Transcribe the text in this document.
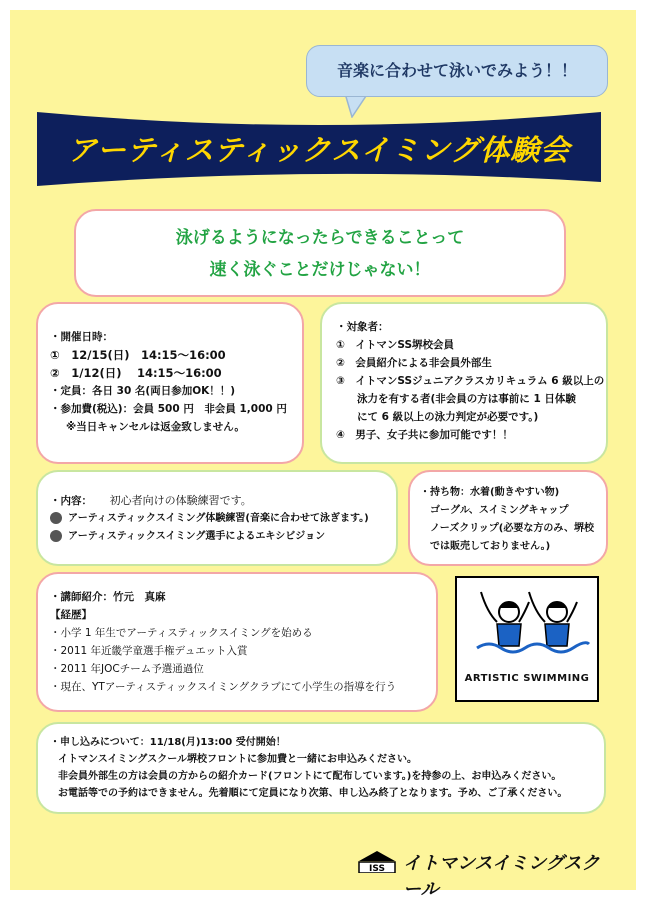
音楽に合わせて泳いでみよう！！
アーティスティックスイミング体験会
泳げるようになったらできることって
速く泳ぐことだけじゃない！
・開催日時：
①　12/15(日)　14:15～16:00
②　1/12(日)　 14:15～16:00
・定員：各日 30 名(両日参加OK！！)
・参加費(税込)：会員 500 円　非会員 1,000 円
※当日キャンセルは返金致しません。
・対象者：
①　イトマンSS堺校会員
②　会員紹介による非会員外部生
③　イトマンSSジュニアクラスカリキュラム 6 級以上の
　　泳力を有する者(非会員の方は事前に 1 日体験
　　にて 6 級以上の泳力判定が必要です。)
④　男子、女子共に参加可能です！！
・内容： 初心者向けの体験練習です。
アーティスティックスイミング体験練習(音楽に合わせて泳ぎます。)
アーティスティックスイミング選手によるエキシビジョン
・持ち物：水着(動きやすい物)
ゴーグル、スイミングキャップ
ノーズクリップ(必要な方のみ、堺校
では販売しておりません。)
・講師紹介：竹元　真麻
【経歴】
・小学 1 年生でアーティスティックスイミングを始める
・2011 年近畿学童選手権デュエット入賞
・2011 年JOCチーム予選通過位
・現在、YTアーティスティックスイミングクラブにて小学生の指導を行う
ARTISTIC SWIMMING
・申し込みについて：11/18(月)13:00 受付開始！
イトマンスイミングスクール堺校フロントに参加費と一緒にお申込みください。
非会員外部生の方は会員の方からの紹介カード(フロントにて配布しています。)を持参の上、お申込みください。
お電話等での予約はできません。先着順にて定員になり次第、申し込み終了となります。予め、ご了承ください。
ISS イトマンスイミングスクール
